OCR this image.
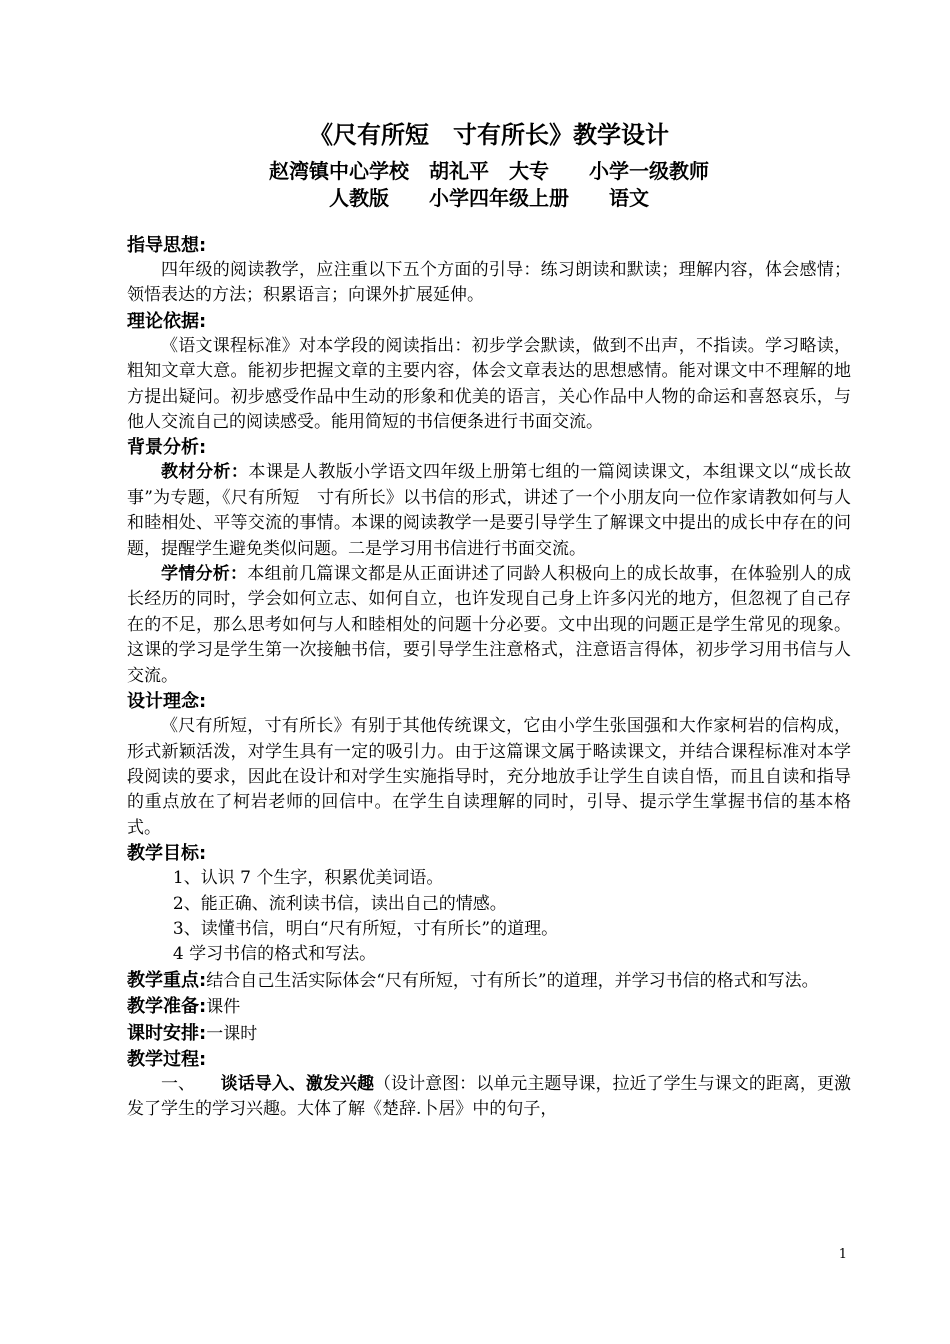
《尺有所短　寸有所长》教学设计

赵湾镇中心学校　胡礼平　大专　　小学一级教师

人教版　　小学四年级上册　　语文

指导思想:

四年级的阅读教学，应注重以下五个方面的引导：练习朗读和默读；理解内容，体会感情；领悟表达的方法；积累语言；向课外扩展延伸。

理论依据:

《语文课程标准》对本学段的阅读指出：初步学会默读，做到不出声，不指读。学习略读，粗知文章大意。能初步把握文章的主要内容，体会文章表达的思想感情。能对课文中不理解的地方提出疑问。初步感受作品中生动的形象和优美的语言，关心作品中人物的命运和喜怒哀乐，与他人交流自己的阅读感受。能用简短的书信便条进行书面交流。

背景分析:

教材分析：本课是人教版小学语文四年级上册第七组的一篇阅读课文，本组课文以“成长故事”为专题，《尺有所短　寸有所长》以书信的形式，讲述了一个小朋友向一位作家请教如何与人和睦相处、平等交流的事情。本课的阅读教学一是要引导学生了解课文中提出的成长中存在的问题，提醒学生避免类似问题。二是学习用书信进行书面交流。

学情分析：本组前几篇课文都是从正面讲述了同龄人积极向上的成长故事，在体验别人的成长经历的同时，学会如何立志、如何自立，也许发现自己身上许多闪光的地方，但忽视了自己存在的不足，那么思考如何与人和睦相处的问题十分必要。文中出现的问题正是学生常见的现象。这课的学习是学生第一次接触书信，要引导学生注意格式，注意语言得体，初步学习用书信与人交流。

设计理念:

《尺有所短，寸有所长》有别于其他传统课文，它由小学生张国强和大作家柯岩的信构成，形式新颖活泼，对学生具有一定的吸引力。由于这篇课文属于略读课文，并结合课程标准对本学段阅读的要求，因此在设计和对学生实施指导时，充分地放手让学生自读自悟，而且自读和指导的重点放在了柯岩老师的回信中。在学生自读理解的同时，引导、提示学生掌握书信的基本格式。

教学目标:

1、认识 7 个生字，积累优美词语。

2、能正确、流利读书信，读出自己的情感。

3、读懂书信，明白“尺有所短，寸有所长”的道理。

4 学习书信的格式和写法。

教学重点:结合自己生活实际体会“尺有所短，寸有所长”的道理，并学习书信的格式和写法。

教学准备:课件

课时安排:一课时

教学过程:

一、　　 谈话导入、激发兴趣（设计意图：以单元主题导课，拉近了学生与课文的距离，更激发了学生的学习兴趣。大体了解《楚辞.卜居》中的句子，

1
